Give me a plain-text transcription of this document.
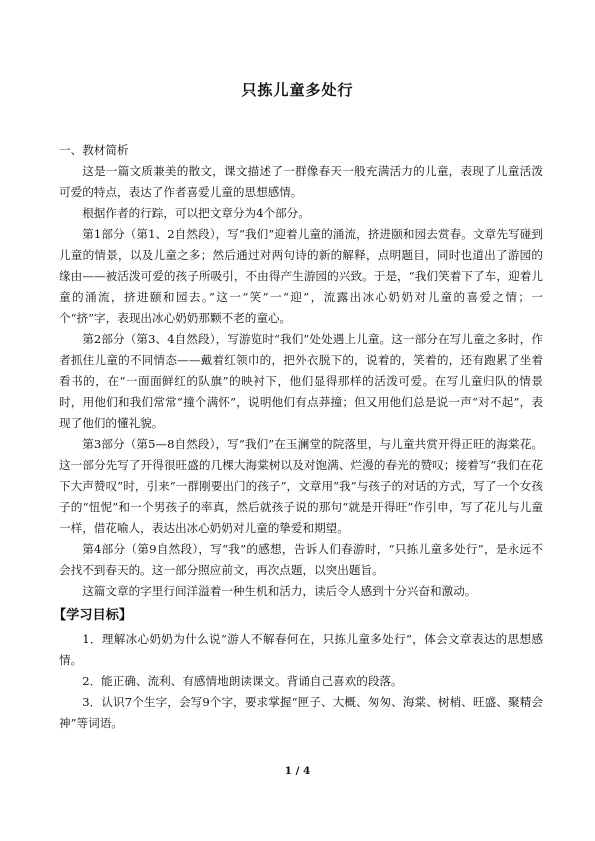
只拣儿童多处行

一、教材简析

这是一篇文质兼美的散文，课文描述了一群像春天一般充满活力的儿童，表现了儿童活泼可爱的特点，表达了作者喜爱儿童的思想感情。

根据作者的行踪，可以把文章分为4个部分。

第1部分（第1、2自然段），写“我们”迎着儿童的涌流，挤进颐和园去赏春。文章先写碰到儿童的情景，以及儿童之多；然后通过对两句诗的新的解释，点明题目，同时也道出了游园的缘由——被活泼可爱的孩子所吸引，不由得产生游园的兴致。于是，“我们笑着下了车，迎着儿童的涌流，挤进颐和园去。”这一“笑”一“迎”，流露出冰心奶奶对儿童的喜爱之情；一个“挤”字，表现出冰心奶奶那颗不老的童心。

第2部分（第3、4自然段），写游览时“我们”处处遇上儿童。这一部分在写儿童之多时，作者抓住儿童的不同情态——戴着红领巾的，把外衣脱下的，说着的，笑着的，还有跑累了坐着看书的，在“一面面鲜红的队旗”的映衬下，他们显得那样的活泼可爱。在写儿童归队的情景时，用他们和我们常常“撞个满怀”，说明他们有点莽撞；但又用他们总是说一声“对不起”，表现了他们的懂礼貌。

第3部分（第5—8自然段），写“我们”在玉澜堂的院落里，与儿童共赏开得正旺的海棠花。这一部分先写了开得很旺盛的几棵大海棠树以及对饱满、烂漫的春光的赞叹；接着写“我们在花下大声赞叹”时，引来“一群刚要出门的孩子”，文章用“我”与孩子的对话的方式，写了一个女孩子的“忸怩”和一个男孩子的率真，然后就孩子说的那句“就是开得旺”作引申，写了花儿与儿童一样，借花喻人，表达出冰心奶奶对儿童的挚爱和期望。

第4部分（第9自然段），写“我”的感想，告诉人们春游时，“只拣儿童多处行”，是永远不会找不到春天的。这一部分照应前文，再次点题，以突出题旨。

这篇文章的字里行间洋溢着一种生机和活力，读后令人感到十分兴奋和激动。

【学习目标】

1．理解冰心奶奶为什么说“游人不解春何在，只拣儿童多处行”，体会文章表达的思想感情。

2．能正确、流利、有感情地朗读课文。背诵自己喜欢的段落。

3．认识7个生字，会写9个字，要求掌握“匣子、大概、匆匆、海棠、树梢、旺盛、聚精会神”等词语。

1 / 4
